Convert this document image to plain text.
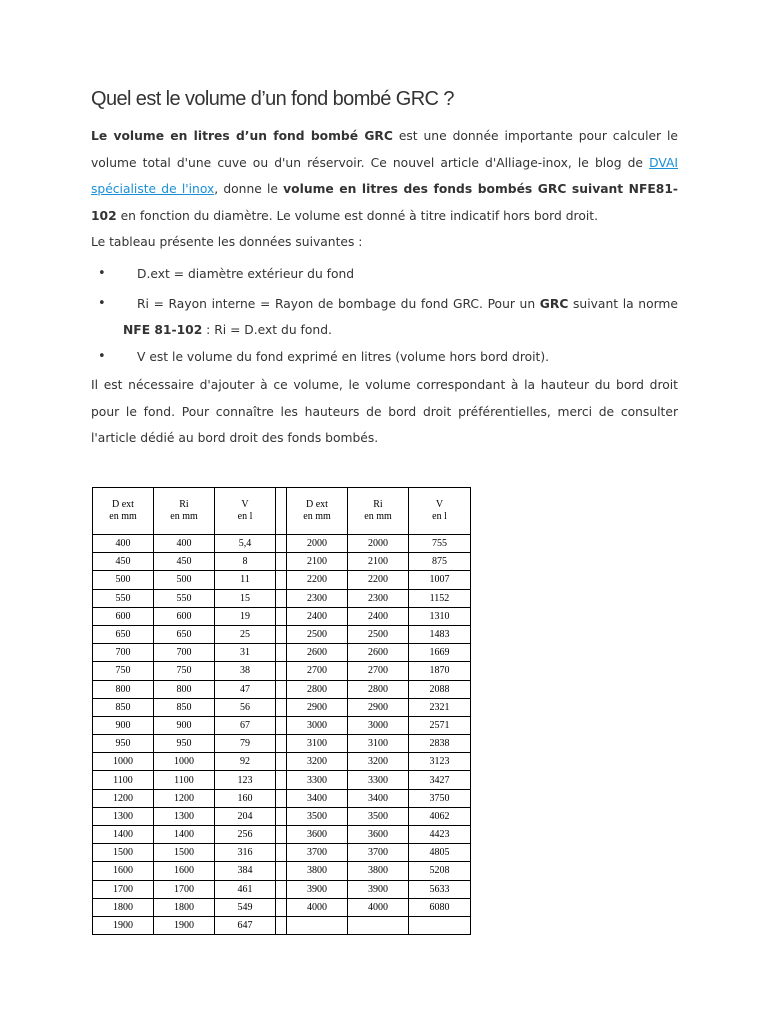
Quel est le volume d’un fond bombé GRC ?

Le volume en litres d’un fond bombé GRC est une donnée importante pour calculer le volume total d'une cuve ou d'un réservoir. Ce nouvel article d'Alliage-inox, le blog de DVAI spécialiste de l'inox, donne le volume en litres des fonds bombés GRC suivant NFE81-102 en fonction du diamètre. Le volume est donné à titre indicatif hors bord droit.

Le tableau présente les données suivantes :

•	D.ext = diamètre extérieur du fond
•	Ri = Rayon interne = Rayon de bombage du fond GRC. Pour un GRC suivant la norme NFE 81-102 : Ri = D.ext du fond.
•	V est le volume du fond exprimé en litres (volume hors bord droit).

Il est nécessaire d'ajouter à ce volume, le volume correspondant à la hauteur du bord droit pour le fond. Pour connaître les hauteurs de bord droit préférentielles, merci de consulter l'article dédié au bord droit des fonds bombés.

D ext
en mm	Ri
en mm	V
en l		D ext
en mm	Ri
en mm	V
en l
400	400	5,4		2000	2000	755
450	450	8		2100	2100	875
500	500	11		2200	2200	1007
550	550	15		2300	2300	1152
600	600	19		2400	2400	1310
650	650	25		2500	2500	1483
700	700	31		2600	2600	1669
750	750	38		2700	2700	1870
800	800	47		2800	2800	2088
850	850	56		2900	2900	2321
900	900	67		3000	3000	2571
950	950	79		3100	3100	2838
1000	1000	92		3200	3200	3123
1100	1100	123		3300	3300	3427
1200	1200	160		3400	3400	3750
1300	1300	204		3500	3500	4062
1400	1400	256		3600	3600	4423
1500	1500	316		3700	3700	4805
1600	1600	384		3800	3800	5208
1700	1700	461		3900	3900	5633
1800	1800	549		4000	4000	6080
1900	1900	647				
